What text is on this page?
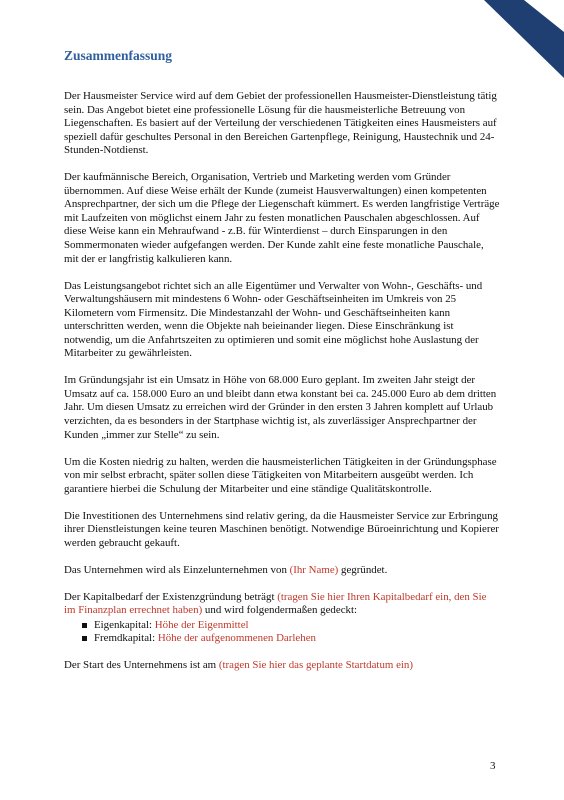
Businessplan
Zusammenfassung

Der Hausmeister Service wird auf dem Gebiet der professionellen Hausmeister-Dienstleistung tätig sein. Das Angebot bietet eine professionelle Lösung für die hausmeisterliche Betreuung von Liegenschaften. Es basiert auf der Verteilung der verschiedenen Tätigkeiten eines Hausmeisters auf speziell dafür geschultes Personal in den Bereichen Gartenpflege, Reinigung, Haustechnik und 24-Stunden-Notdienst.

Der kaufmännische Bereich, Organisation, Vertrieb und Marketing werden vom Gründer übernommen. Auf diese Weise erhält der Kunde (zumeist Hausverwaltungen) einen kompetenten Ansprechpartner, der sich um die Pflege der Liegenschaft kümmert. Es werden langfristige Verträge mit Laufzeiten von möglichst einem Jahr zu festen monatlichen Pauschalen abgeschlossen. Auf diese Weise kann ein Mehraufwand - z.B. für Winterdienst – durch Einsparungen in den Sommermonaten wieder aufgefangen werden. Der Kunde zahlt eine feste monatliche Pauschale, mit der er langfristig kalkulieren kann.

Das Leistungsangebot richtet sich an alle Eigentümer und Verwalter von Wohn-, Geschäfts- und Verwaltungshäusern mit mindestens 6 Wohn- oder Geschäftseinheiten im Umkreis von 25 Kilometern vom Firmensitz. Die Mindestanzahl der Wohn- und Geschäftseinheiten kann unterschritten werden, wenn die Objekte nah beieinander liegen. Diese Einschränkung ist notwendig, um die Anfahrtszeiten zu optimieren und somit eine möglichst hohe Auslastung der Mitarbeiter zu gewährleisten.

Im Gründungsjahr ist ein Umsatz in Höhe von 68.000 Euro geplant. Im zweiten Jahr steigt der Umsatz auf ca. 158.000 Euro an und bleibt dann etwa konstant bei ca. 245.000 Euro ab dem dritten Jahr. Um diesen Umsatz zu erreichen wird der Gründer in den ersten 3 Jahren komplett auf Urlaub verzichten, da es besonders in der Startphase wichtig ist, als zuverlässiger Ansprechpartner der Kunden „immer zur Stelle“ zu sein.

Um die Kosten niedrig zu halten, werden die hausmeisterlichen Tätigkeiten in der Gründungsphase von mir selbst erbracht, später sollen diese Tätigkeiten von Mitarbeitern ausgeübt werden. Ich garantiere hierbei die Schulung der Mitarbeiter und eine ständige Qualitätskontrolle.

Die Investitionen des Unternehmens sind relativ gering, da die Hausmeister Service zur Erbringung ihrer Dienstleistungen keine teuren Maschinen benötigt. Notwendige Büroeinrichtung und Kopierer werden gebraucht gekauft.

Das Unternehmen wird als Einzelunternehmen von (Ihr Name) gegründet.

Der Kapitalbedarf der Existenzgründung beträgt (tragen Sie hier Ihren Kapitalbedarf ein, den Sie im Finanzplan errechnet haben) und wird folgendermaßen gedeckt:

Eigenkapital: Höhe der Eigenmittel
Fremdkapital: Höhe der aufgenommenen Darlehen

Der Start des Unternehmens ist am (tragen Sie hier das geplante Startdatum ein)

3
